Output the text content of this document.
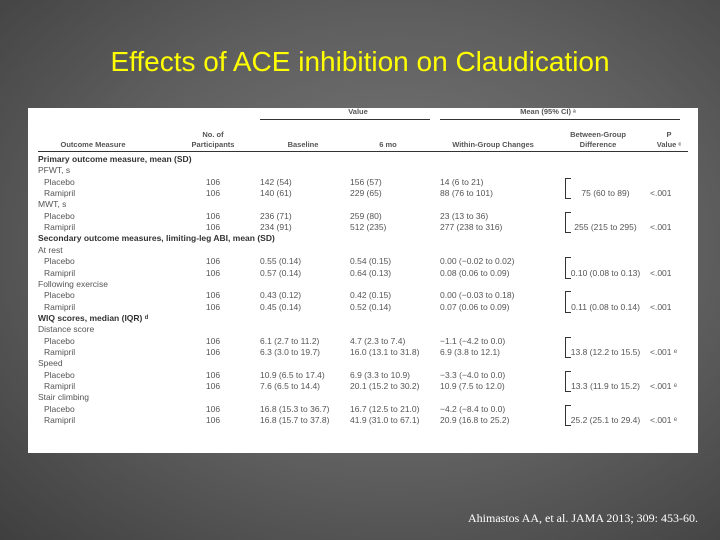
Effects of ACE inhibition on Claudication
Value	Mean (95% CI) ᵃ
Outcome Measure
No. of
Participants	Baseline	6 mo	Within-Group Changes
Between-Group
Difference
P
Value ᶜ
Primary outcome measure, mean (SD)
PFWT, s
Placebo	106	142 (54)	156 (57)	14 (6 to 21)
Ramipril	106	140 (61)	229 (65)	88 (76 to 101)	75 (60 to 89)	<.001
MWT, s
Placebo	106	236 (71)	259 (80)	23 (13 to 36)
Ramipril	106	234 (91)	512 (235)	277 (238 to 316)	255 (215 to 295)	<.001
Secondary outcome measures, limiting-leg ABI, mean (SD)
At rest
Placebo	106	0.55 (0.14)	0.54 (0.15)	0.00 (−0.02 to 0.02)
Ramipril	106	0.57 (0.14)	0.64 (0.13)	0.08 (0.06 to 0.09)	0.10 (0.08 to 0.13)	<.001
Following exercise
Placebo	106	0.43 (0.12)	0.42 (0.15)	0.00 (−0.03 to 0.18)
Ramipril	106	0.45 (0.14)	0.52 (0.14)	0.07 (0.06 to 0.09)	0.11 (0.08 to 0.14)	<.001
WIQ scores, median (IQR) ᵈ
Distance score
Placebo	106	6.1 (2.7 to 11.2)	4.7 (2.3 to 7.4)	−1.1 (−4.2 to 0.0)
Ramipril	106	6.3 (3.0 to 19.7)	16.0 (13.1 to 31.8)	6.9 (3.8 to 12.1)	13.8 (12.2 to 15.5)	<.001 ᵉ
Speed
Placebo	106	10.9 (6.5 to 17.4)	6.9 (3.3 to 10.9)	−3.3 (−4.0 to 0.0)
Ramipril	106	7.6 (6.5 to 14.4)	20.1 (15.2 to 30.2)	10.9 (7.5 to 12.0)	13.3 (11.9 to 15.2)	<.001 ᵉ
Stair climbing
Placebo	106	16.8 (15.3 to 36.7)	16.7 (12.5 to 21.0)	−4.2 (−8.4 to 0.0)
Ramipril	106	16.8 (15.7 to 37.8)	41.9 (31.0 to 67.1)	20.9 (16.8 to 25.2)	25.2 (25.1 to 29.4)	<.001 ᵉ
Ahimastos AA, et al. JAMA 2013; 309: 453-60.
